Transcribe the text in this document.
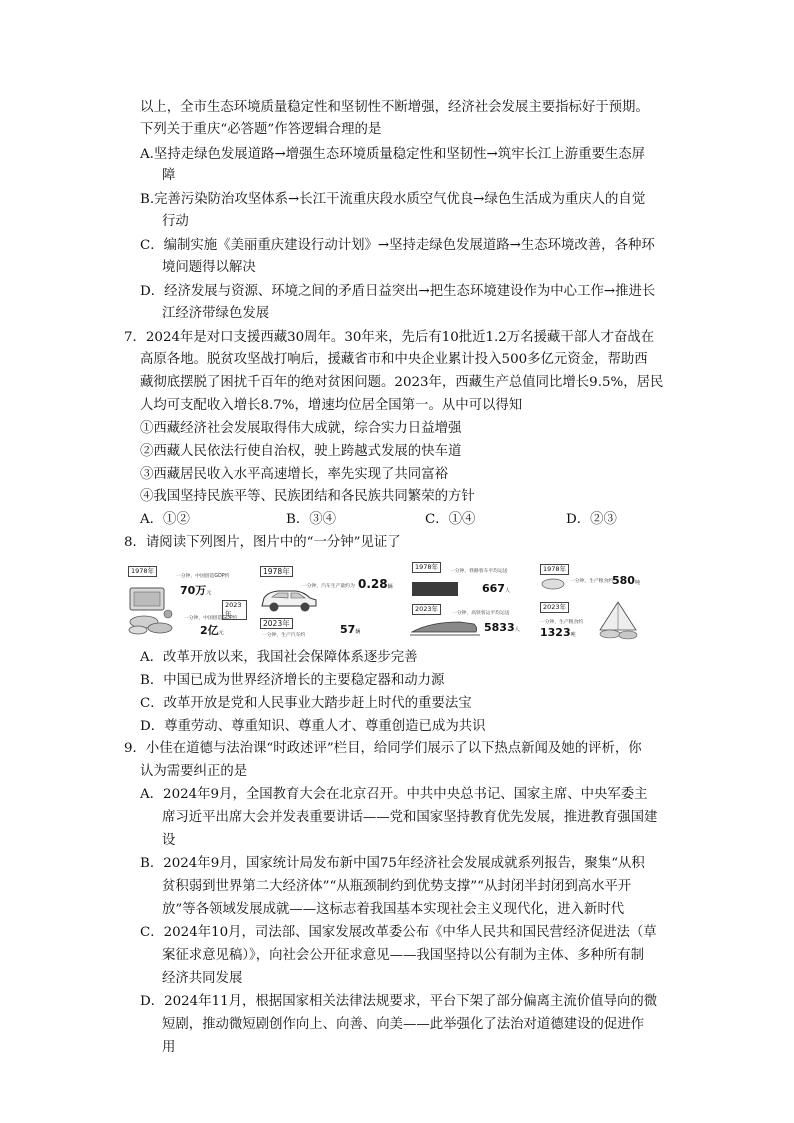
以上，全市生态环境质量稳定性和坚韧性不断增强，经济社会发展主要指标好于预期。
下列关于重庆“必答题”作答逻辑合理的是
A.坚持走绿色发展道路→增强生态环境质量稳定性和坚韧性→筑牢长江上游重要生态屏
障
B.完善污染防治攻坚体系→长江干流重庆段水质空气优良→绿色生活成为重庆人的自觉
行动
C．编制实施《美丽重庆建设行动计划》→坚持走绿色发展道路→生态环境改善，各种环
境问题得以解决
D．经济发展与资源、环境之间的矛盾日益突出→把生态环境建设作为中心工作→推进长
江经济带绿色发展
7．2024年是对口支援西藏30周年。30年来，先后有10批近1.2万名援藏干部人才奋战在
高原各地。脱贫攻坚战打响后，援藏省市和中央企业累计投入500多亿元资金，帮助西
藏彻底摆脱了困扰千百年的绝对贫困问题。2023年，西藏生产总值同比增长9.5%，居民
人均可支配收入增长8.7%，增速均位居全国第一。从中可以得知
①西藏经济社会发展取得伟大成就，综合实力日益增强
②西藏人民依法行使自治权，驶上跨越式发展的快车道
③西藏居民收入水平高速增长，率先实现了共同富裕
④我国坚持民族平等、民族团结和各民族共同繁荣的方针
A．①②	B．③④	C．①④	D．②③
8．请阅读下列图片，图片中的“一分钟”见证了
1978年
一分钟，中国创造GDP约
70万元
2023年
一分钟，中国创造GDP约
2亿元
1978年
一分钟，汽车生产量约为 0.28辆
2023年
一分钟，生产汽车约	57辆
1978年
一分钟，铁路客车平均运送
667人
2023年
一分钟，高铁客运平均运送
5833人
1978年
一分钟，生产粮食约
580吨
2023年
一分钟，生产粮食约
1323吨
A．改革开放以来，我国社会保障体系逐步完善
B．中国已成为世界经济增长的主要稳定器和动力源
C．改革开放是党和人民事业大踏步赶上时代的重要法宝
D．尊重劳动、尊重知识、尊重人才、尊重创造已成为共识
9．小佳在道德与法治课“时政述评”栏目，给同学们展示了以下热点新闻及她的评析，你
认为需要纠正的是
A．2024年9月，全国教育大会在北京召开。中共中央总书记、国家主席、中央军委主
席习近平出席大会并发表重要讲话——党和国家坚持教育优先发展，推进教育强国建
设
B．2024年9月，国家统计局发布新中国75年经济社会发展成就系列报告，聚集“从积
贫积弱到世界第二大经济体”“从瓶颈制约到优势支撑”“从封闭半封闭到高水平开
放”等各领域发展成就——这标志着我国基本实现社会主义现代化，进入新时代
C．2024年10月，司法部、国家发展改革委公布《中华人民共和国民营经济促进法（草
案征求意见稿）》，向社会公开征求意见——我国坚持以公有制为主体、多种所有制
经济共同发展
D．2024年11月，根据国家相关法律法规要求，平台下架了部分偏离主流价值导向的微
短剧，推动微短剧创作向上、向善、向美——此举强化了法治对道德建设的促进作
用
